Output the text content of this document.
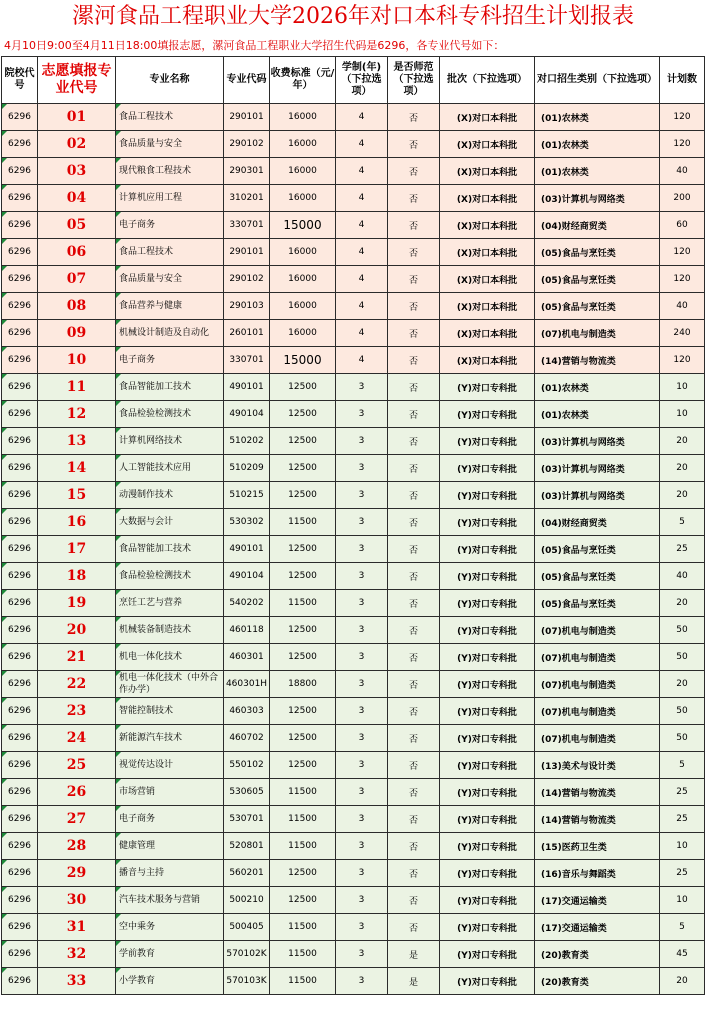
漯河食品工程职业大学2026年对口本科专科招生计划报表
4月10日9:00至4月11日18:00填报志愿，漯河食品工程职业大学招生代码是6296，各专业代号如下：
院校代号	志愿填报专业代号	专业名称	专业代码	收费标准（元/年）	学制(年)（下拉选项）	是否师范（下拉选项）	批次（下拉选项）	对口招生类别（下拉选项）	计划数
6296	01	食品工程技术	290101	16000	4	否	(X)对口本科批	(01)农林类	120
6296	02	食品质量与安全	290102	16000	4	否	(X)对口本科批	(01)农林类	120
6296	03	现代粮食工程技术	290301	16000	4	否	(X)对口本科批	(01)农林类	40
6296	04	计算机应用工程	310201	16000	4	否	(X)对口本科批	(03)计算机与网络类	200
6296	05	电子商务	330701	15000	4	否	(X)对口本科批	(04)财经商贸类	60
6296	06	食品工程技术	290101	16000	4	否	(X)对口本科批	(05)食品与烹饪类	120
6296	07	食品质量与安全	290102	16000	4	否	(X)对口本科批	(05)食品与烹饪类	120
6296	08	食品营养与健康	290103	16000	4	否	(X)对口本科批	(05)食品与烹饪类	40
6296	09	机械设计制造及自动化	260101	16000	4	否	(X)对口本科批	(07)机电与制造类	240
6296	10	电子商务	330701	15000	4	否	(X)对口本科批	(14)营销与物流类	120
6296	11	食品智能加工技术	490101	12500	3	否	(Y)对口专科批	(01)农林类	10
6296	12	食品检验检测技术	490104	12500	3	否	(Y)对口专科批	(01)农林类	10
6296	13	计算机网络技术	510202	12500	3	否	(Y)对口专科批	(03)计算机与网络类	20
6296	14	人工智能技术应用	510209	12500	3	否	(Y)对口专科批	(03)计算机与网络类	20
6296	15	动漫制作技术	510215	12500	3	否	(Y)对口专科批	(03)计算机与网络类	20
6296	16	大数据与会计	530302	11500	3	否	(Y)对口专科批	(04)财经商贸类	5
6296	17	食品智能加工技术	490101	12500	3	否	(Y)对口专科批	(05)食品与烹饪类	25
6296	18	食品检验检测技术	490104	12500	3	否	(Y)对口专科批	(05)食品与烹饪类	40
6296	19	烹饪工艺与营养	540202	11500	3	否	(Y)对口专科批	(05)食品与烹饪类	20
6296	20	机械装备制造技术	460118	12500	3	否	(Y)对口专科批	(07)机电与制造类	50
6296	21	机电一体化技术	460301	12500	3	否	(Y)对口专科批	(07)机电与制造类	50
6296	22	机电一体化技术（中外合作办学）	460301H	18800	3	否	(Y)对口专科批	(07)机电与制造类	20
6296	23	智能控制技术	460303	12500	3	否	(Y)对口专科批	(07)机电与制造类	50
6296	24	新能源汽车技术	460702	12500	3	否	(Y)对口专科批	(07)机电与制造类	50
6296	25	视觉传达设计	550102	12500	3	否	(Y)对口专科批	(13)美术与设计类	5
6296	26	市场营销	530605	11500	3	否	(Y)对口专科批	(14)营销与物流类	25
6296	27	电子商务	530701	11500	3	否	(Y)对口专科批	(14)营销与物流类	25
6296	28	健康管理	520801	11500	3	否	(Y)对口专科批	(15)医药卫生类	10
6296	29	播音与主持	560201	12500	3	否	(Y)对口专科批	(16)音乐与舞蹈类	25
6296	30	汽车技术服务与营销	500210	12500	3	否	(Y)对口专科批	(17)交通运输类	10
6296	31	空中乘务	500405	11500	3	否	(Y)对口专科批	(17)交通运输类	5
6296	32	学前教育	570102K	11500	3	是	(Y)对口专科批	(20)教育类	45
6296	33	小学教育	570103K	11500	3	是	(Y)对口专科批	(20)教育类	20
